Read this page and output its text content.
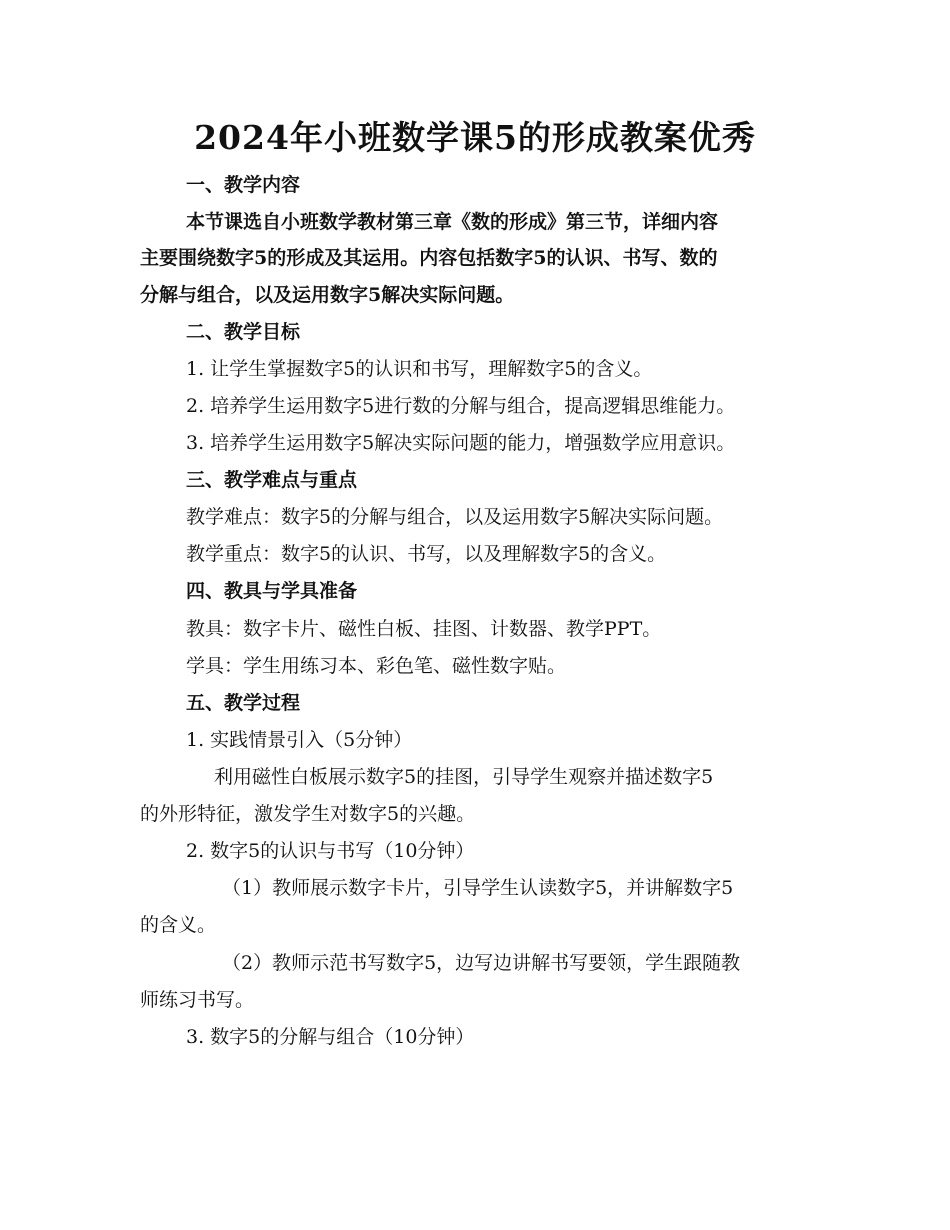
2024年小班数学课5的形成教案优秀
一、教学内容
本节课选自小班数学教材第三章《数的形成》第三节，详细内容
主要围绕数字5的形成及其运用。内容包括数字5的认识、书写、数的
分解与组合，以及运用数字5解决实际问题。
二、教学目标
1. 让学生掌握数字5的认识和书写，理解数字5的含义。
2. 培养学生运用数字5进行数的分解与组合，提高逻辑思维能力。
3. 培养学生运用数字5解决实际问题的能力，增强数学应用意识。
三、教学难点与重点
教学难点：数字5的分解与组合，以及运用数字5解决实际问题。
教学重点：数字5的认识、书写，以及理解数字5的含义。
四、教具与学具准备
教具：数字卡片、磁性白板、挂图、计数器、教学PPT。
学具：学生用练习本、彩色笔、磁性数字贴。
五、教学过程
1. 实践情景引入（5分钟）
利用磁性白板展示数字5的挂图，引导学生观察并描述数字5
的外形特征，激发学生对数字5的兴趣。
2. 数字5的认识与书写（10分钟）
（1）教师展示数字卡片，引导学生认读数字5，并讲解数字5
的含义。
（2）教师示范书写数字5，边写边讲解书写要领，学生跟随教
师练习书写。
3. 数字5的分解与组合（10分钟）
